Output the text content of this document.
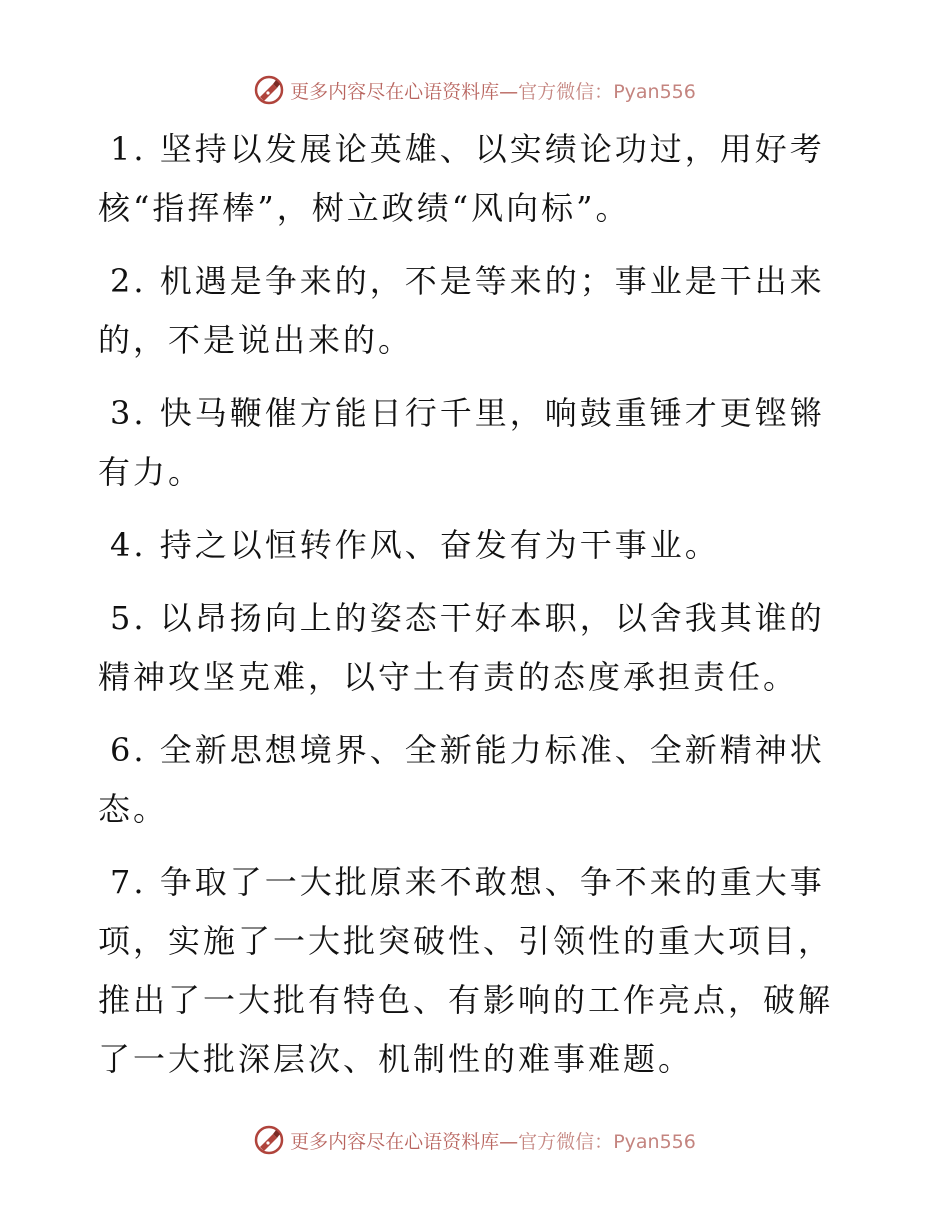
更多内容尽在心语资料库—官方微信：Pyan556

1. 坚持以发展论英雄、以实绩论功过，用好考核“指挥棒”，树立政绩“风向标”。

2. 机遇是争来的，不是等来的；事业是干出来的，不是说出来的。

3. 快马鞭催方能日行千里，响鼓重锤才更铿锵有力。

4. 持之以恒转作风、奋发有为干事业。

5. 以昂扬向上的姿态干好本职，以舍我其谁的精神攻坚克难，以守土有责的态度承担责任。

6. 全新思想境界、全新能力标准、全新精神状态。

7. 争取了一大批原来不敢想、争不来的重大事项，实施了一大批突破性、引领性的重大项目，推出了一大批有特色、有影响的工作亮点，破解了一大批深层次、机制性的难事难题。

更多内容尽在心语资料库—官方微信：Pyan556
